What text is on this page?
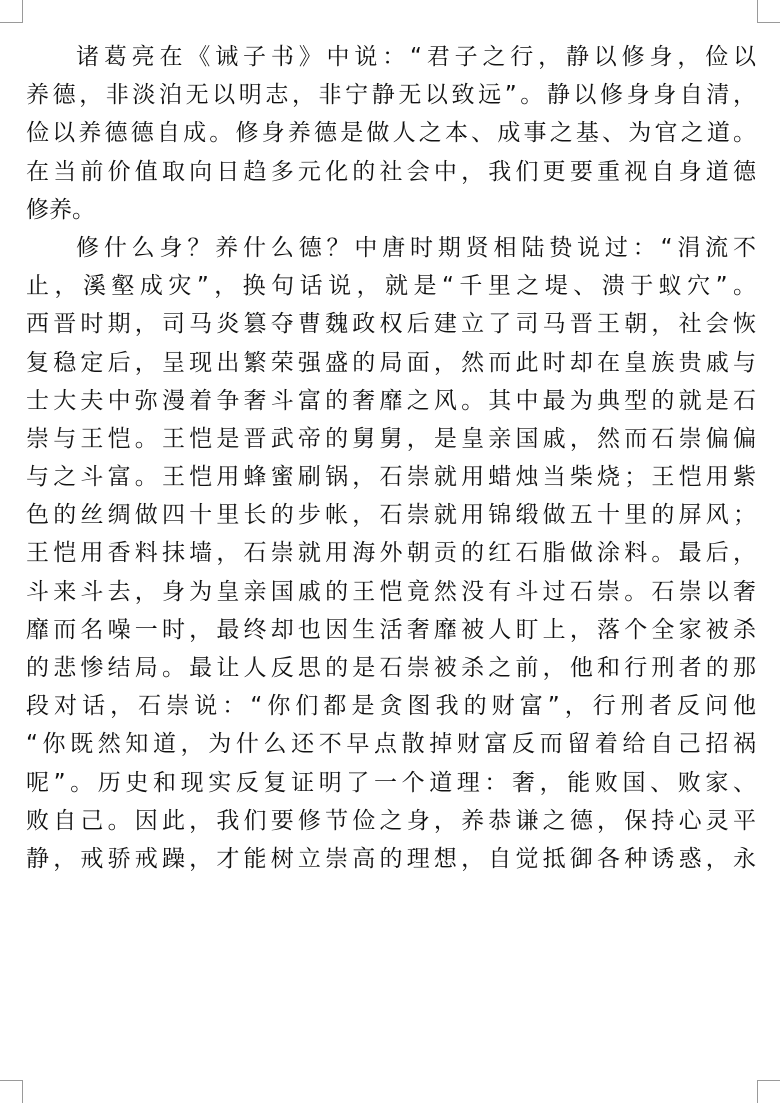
诸葛亮在《诫子书》中说：“君子之行，静以修身，俭以
养德，非淡泊无以明志，非宁静无以致远”。静以修身身自清，
俭以养德德自成。修身养德是做人之本、成事之基、为官之道。
在当前价值取向日趋多元化的社会中，我们更要重视自身道德
修养。
修什么身？养什么德？中唐时期贤相陆贽说过：“涓流不
止，溪壑成灾”，换句话说，就是“千里之堤、溃于蚁穴”。
西晋时期，司马炎篡夺曹魏政权后建立了司马晋王朝，社会恢
复稳定后，呈现出繁荣强盛的局面，然而此时却在皇族贵戚与
士大夫中弥漫着争奢斗富的奢靡之风。其中最为典型的就是石
崇与王恺。王恺是晋武帝的舅舅，是皇亲国戚，然而石崇偏偏
与之斗富。王恺用蜂蜜刷锅，石崇就用蜡烛当柴烧；王恺用紫
色的丝绸做四十里长的步帐，石崇就用锦缎做五十里的屏风；
王恺用香料抹墙，石崇就用海外朝贡的红石脂做涂料。最后，
斗来斗去，身为皇亲国戚的王恺竟然没有斗过石崇。石崇以奢
靡而名噪一时，最终却也因生活奢靡被人盯上，落个全家被杀
的悲惨结局。最让人反思的是石崇被杀之前，他和行刑者的那
段对话，石崇说：“你们都是贪图我的财富”，行刑者反问他
“你既然知道，为什么还不早点散掉财富反而留着给自己招祸
呢”。历史和现实反复证明了一个道理：奢，能败国、败家、
败自己。因此，我们要修节俭之身，养恭谦之德，保持心灵平
静，戒骄戒躁，才能树立崇高的理想，自觉抵御各种诱惑，永
